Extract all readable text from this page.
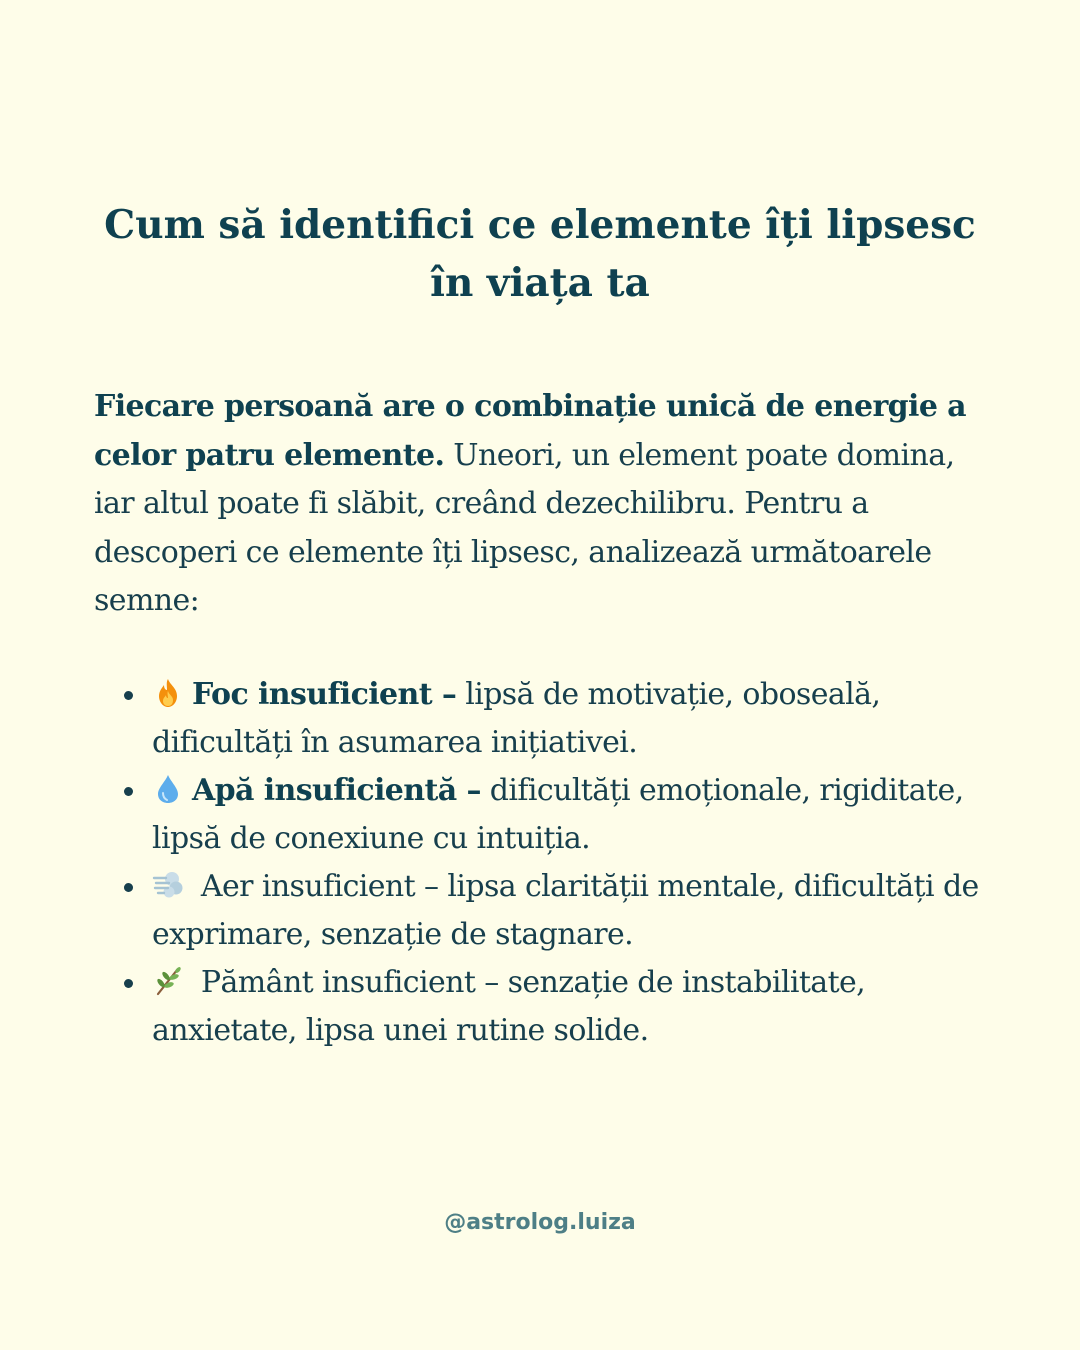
Cum să identifici ce elemente îți lipsesc în viața ta

Fiecare persoană are o combinație unică de energie a celor patru elemente. Uneori, un element poate domina, iar altul poate fi slăbit, creând dezechilibru. Pentru a descoperi ce elemente îți lipsesc, analizează următoarele semne:

Foc insuficient – lipsă de motivație, oboseală, dificultăți în asumarea inițiativei.
Apă insuficientă – dificultăți emoționale, rigiditate, lipsă de conexiune cu intuiția.
Aer insuficient – lipsa clarității mentale, dificultăți de exprimare, senzație de stagnare.
Pământ insuficient – senzație de instabilitate, anxietate, lipsa unei rutine solide.
@astrolog.luiza
